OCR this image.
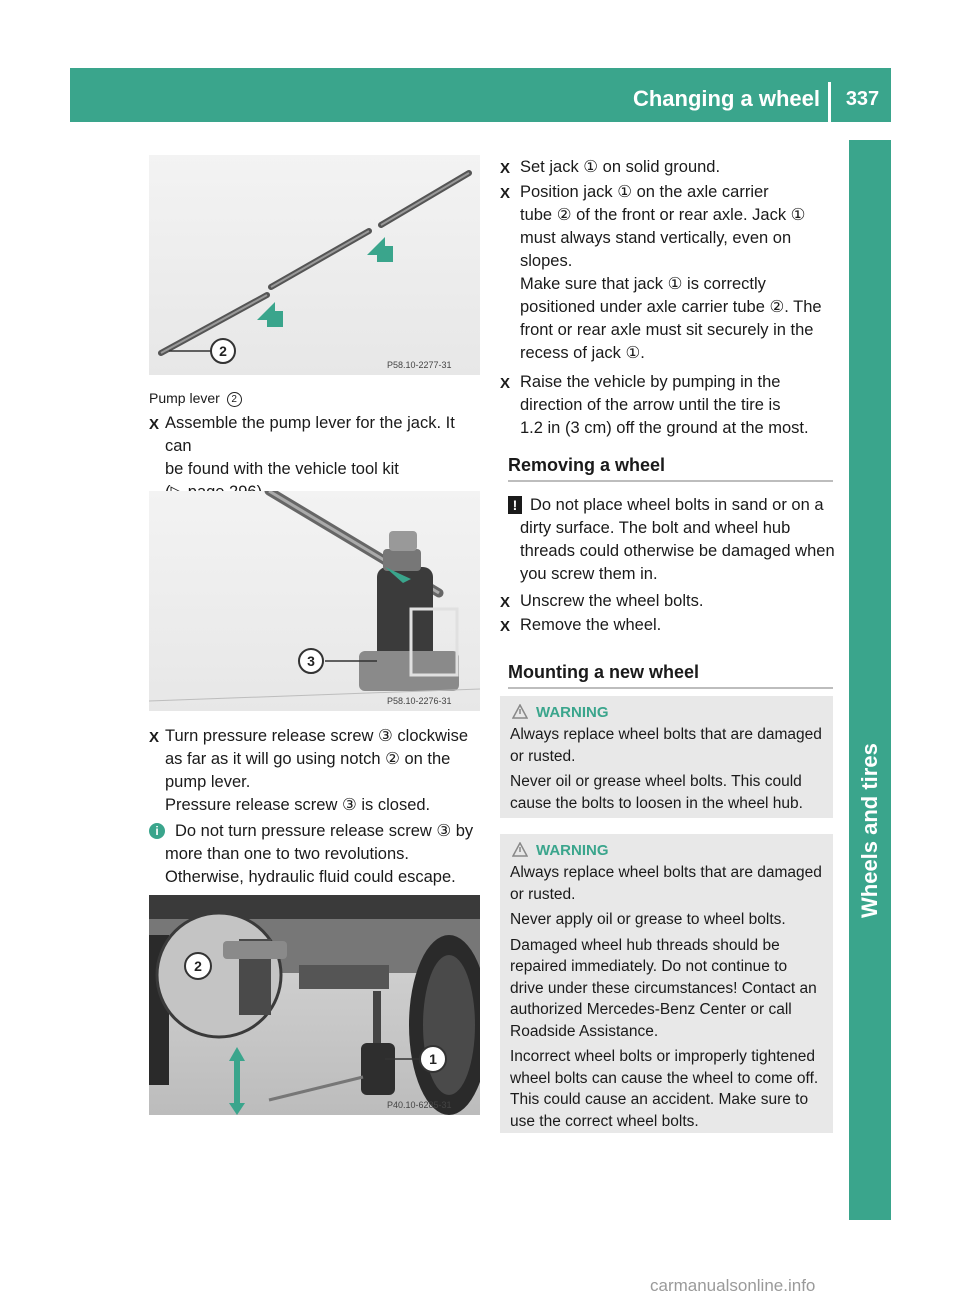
Changing a wheel	337
Wheels and tires
2
P58.10-2277-31
Pump lever 2
X Assemble the pump lever for the jack. It can
be found with the vehicle tool kit
3
P58.10-2276-31
X Turn pressure release screw ③ clockwise
as far as it will go using notch ② on the
pump lever.
Pressure release screw ③ is closed.
i Do not turn pressure release screw ③ by
more than one to two revolutions.
Otherwise, hydraulic fluid could escape.
2
1
P40.10-6285-31
X Set jack ① on solid ground.
X Position jack ① on the axle carrier
tube ② of the front or rear axle. Jack ①
must always stand vertically, even on
slopes.
Make sure that jack ① is correctly
positioned under axle carrier tube ②. The
front or rear axle must sit securely in the
recess of jack ①.
X Raise the vehicle by pumping in the
direction of the arrow until the tire is
1.2 in (3 cm) off the ground at the most.
Removing a wheel
! Do not place wheel bolts in sand or on a
dirty surface. The bolt and wheel hub
threads could otherwise be damaged when
you screw them in.
X Unscrew the wheel bolts.
X Remove the wheel.
Mounting a new wheel
WARNING
Always replace wheel bolts that are damaged
or rusted.
Never oil or grease wheel bolts. This could
cause the bolts to loosen in the wheel hub.
WARNING
Always replace wheel bolts that are damaged
or rusted.
Never apply oil or grease to wheel bolts.
Damaged wheel hub threads should be
repaired immediately. Do not continue to
drive under these circumstances! Contact an
authorized Mercedes-Benz Center or call
Roadside Assistance.
Incorrect wheel bolts or improperly tightened
wheel bolts can cause the wheel to come off.
This could cause an accident. Make sure to
use the correct wheel bolts.
carmanualsonline.info
